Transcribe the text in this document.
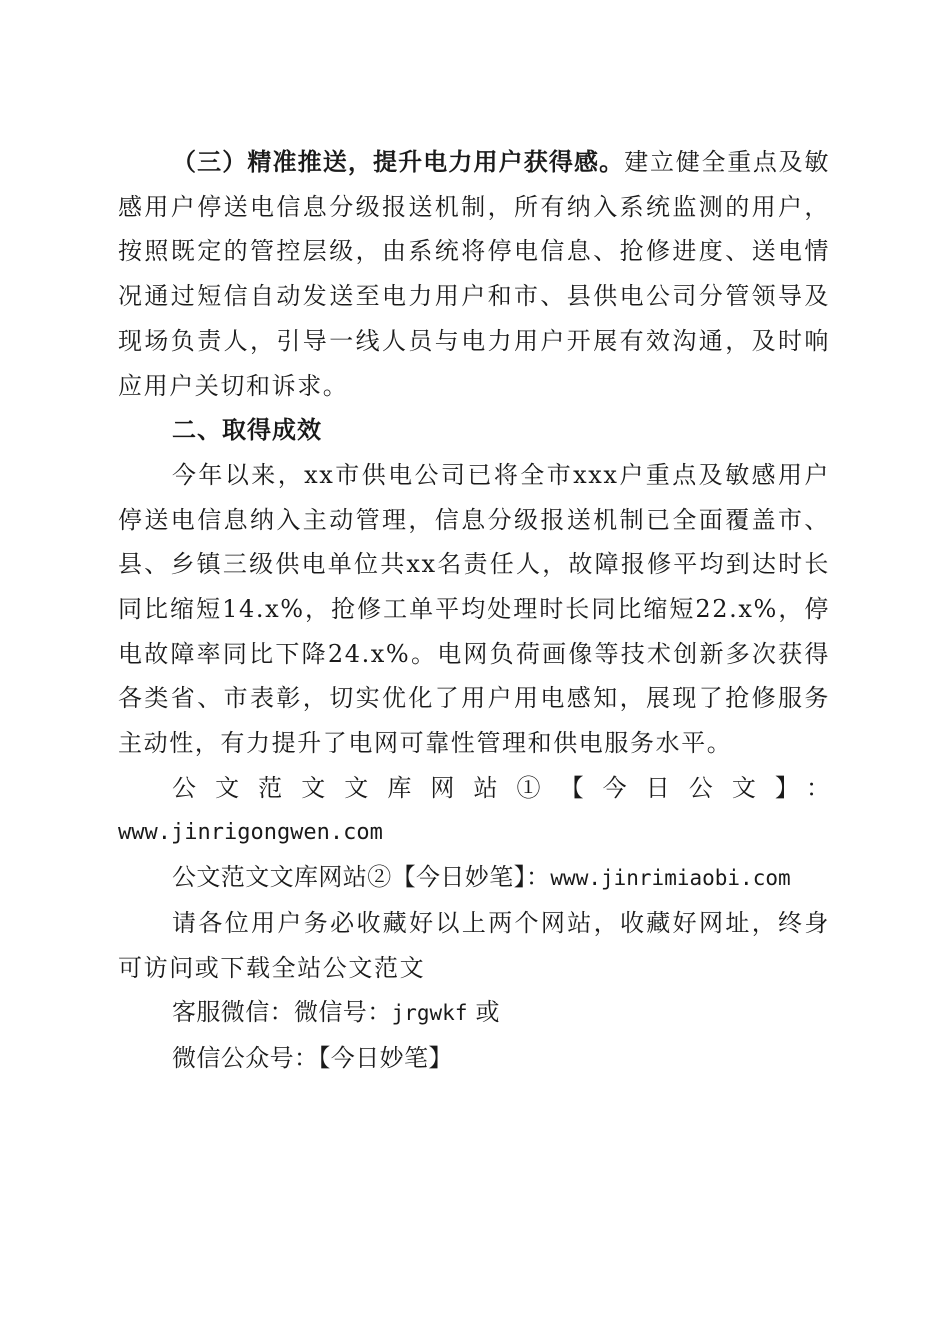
（三）精准推送，提升电力用户获得感。建立健全重点及敏感用户停送电信息分级报送机制，所有纳入系统监测的用户，按照既定的管控层级，由系统将停电信息、抢修进度、送电情况通过短信自动发送至电力用户和市、县供电公司分管领导及现场负责人，引导一线人员与电力用户开展有效沟通，及时响应用户关切和诉求。

二、取得成效

今年以来，xx市供电公司已将全市xxx户重点及敏感用户停送电信息纳入主动管理，信息分级报送机制已全面覆盖市、县、乡镇三级供电单位共xx名责任人，故障报修平均到达时长同比缩短14.x%，抢修工单平均处理时长同比缩短22.x%，停电故障率同比下降24.x%。电网负荷画像等技术创新多次获得各类省、市表彰，切实优化了用户用电感知，展现了抢修服务主动性，有力提升了电网可靠性管理和供电服务水平。

公文范文文库网站①【今日公文】：

www.jinrigongwen.com

公文范文文库网站②【今日妙笔】：www.jinrimiaobi.com

请各位用户务必收藏好以上两个网站，收藏好网址，终身可访问或下载全站公文范文

客服微信：微信号：jrgwkf 或

微信公众号：【今日妙笔】
